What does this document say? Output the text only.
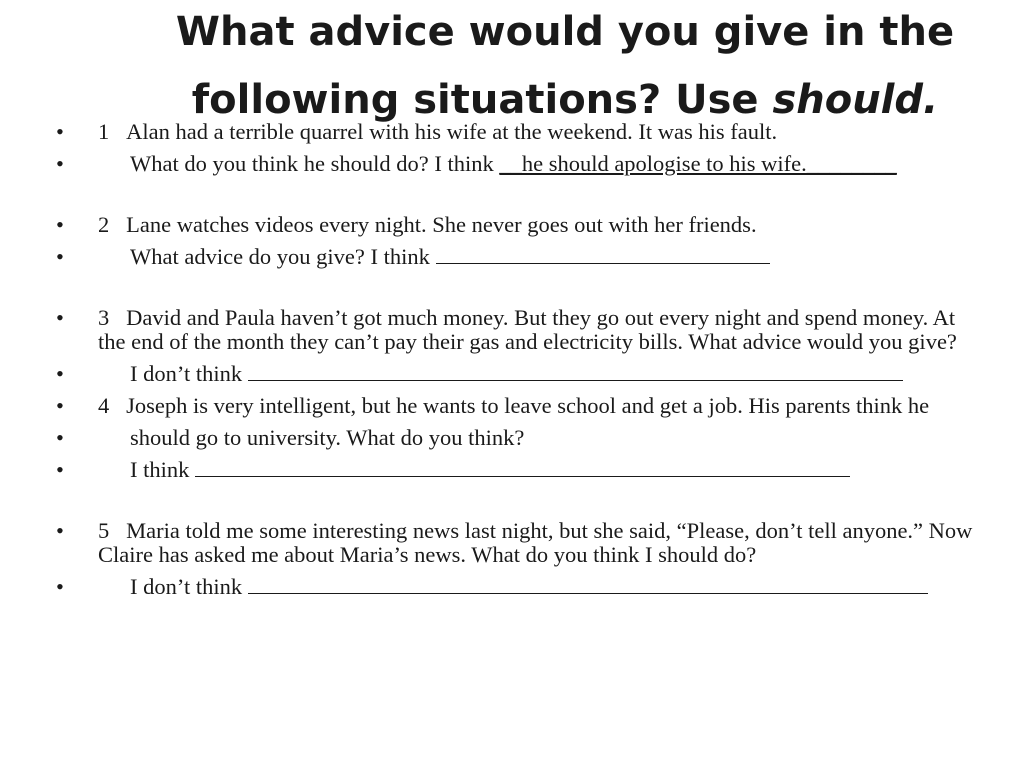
What advice would you give in the
following situations? Use should.
• 1 Alan had a terrible quarrel with his wife at the weekend. It was his fault.
•	What do you think he should do? I think __he should apologise to his wife.________
• 2 Lane watches videos every night. She never goes out with her friends.
•	What advice do you give? I think
• 3 David and Paula haven’t got much money. But they go out every night and spend money. At the end of the month they can’t pay their gas and electricity bills. What advice would you give?
•	I don’t think
• 4 Joseph is very intelligent, but he wants to leave school and get a job. His parents think he
•	should go to university. What do you think?
•	I think
• 5 Maria told me some interesting news last night, but she said, “Please, don’t tell anyone.” Now Claire has asked me about Maria’s news. What do you think I should do?
•	I don’t think
